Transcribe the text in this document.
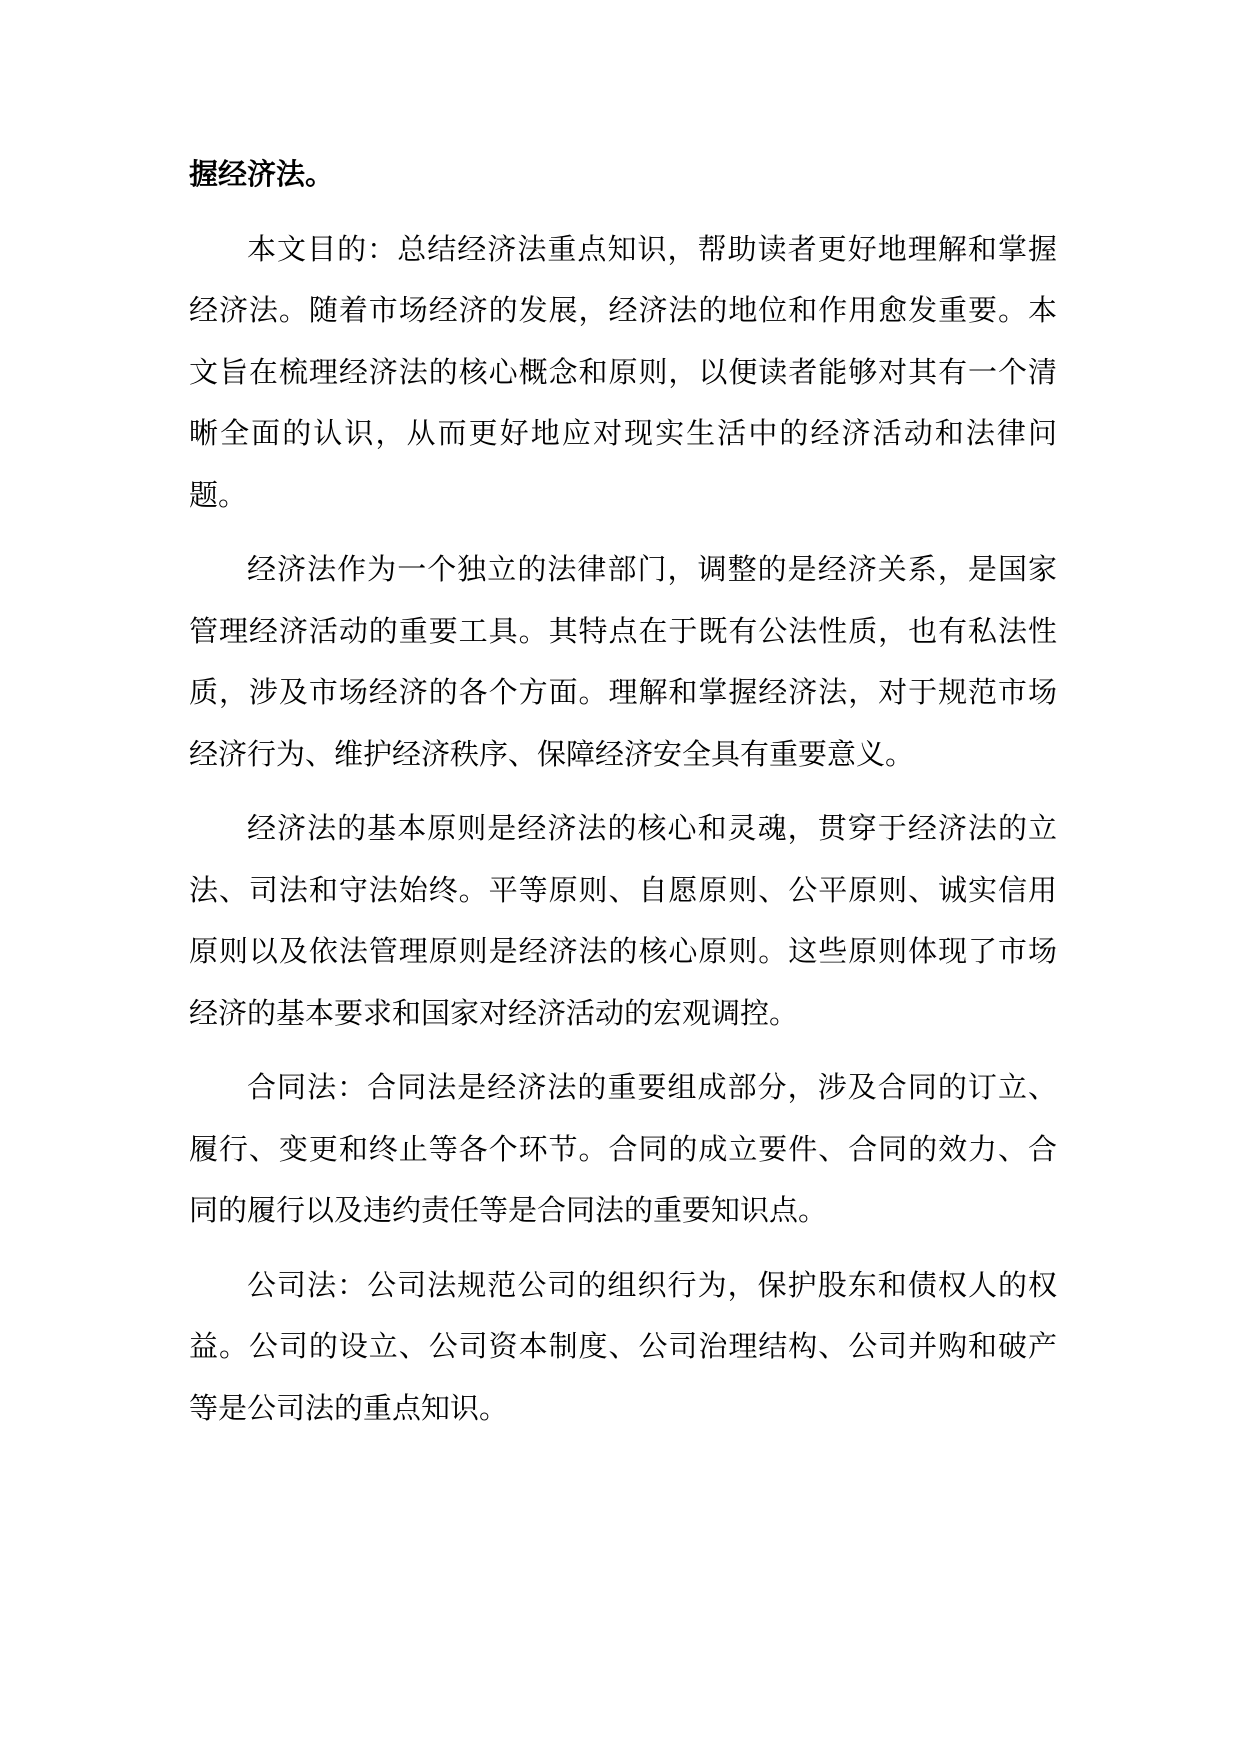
握经济法。

本文目的：总结经济法重点知识，帮助读者更好地理解和掌握经济法。随着市场经济的发展，经济法的地位和作用愈发重要。本文旨在梳理经济法的核心概念和原则，以便读者能够对其有一个清晰全面的认识，从而更好地应对现实生活中的经济活动和法律问题。

经济法作为一个独立的法律部门，调整的是经济关系，是国家管理经济活动的重要工具。其特点在于既有公法性质，也有私法性质，涉及市场经济的各个方面。理解和掌握经济法，对于规范市场经济行为、维护经济秩序、保障经济安全具有重要意义。

经济法的基本原则是经济法的核心和灵魂，贯穿于经济法的立法、司法和守法始终。平等原则、自愿原则、公平原则、诚实信用原则以及依法管理原则是经济法的核心原则。这些原则体现了市场经济的基本要求和国家对经济活动的宏观调控。

合同法：合同法是经济法的重要组成部分，涉及合同的订立、履行、变更和终止等各个环节。合同的成立要件、合同的效力、合同的履行以及违约责任等是合同法的重要知识点。

公司法：公司法规范公司的组织行为，保护股东和债权人的权益。公司的设立、公司资本制度、公司治理结构、公司并购和破产等是公司法的重点知识。
